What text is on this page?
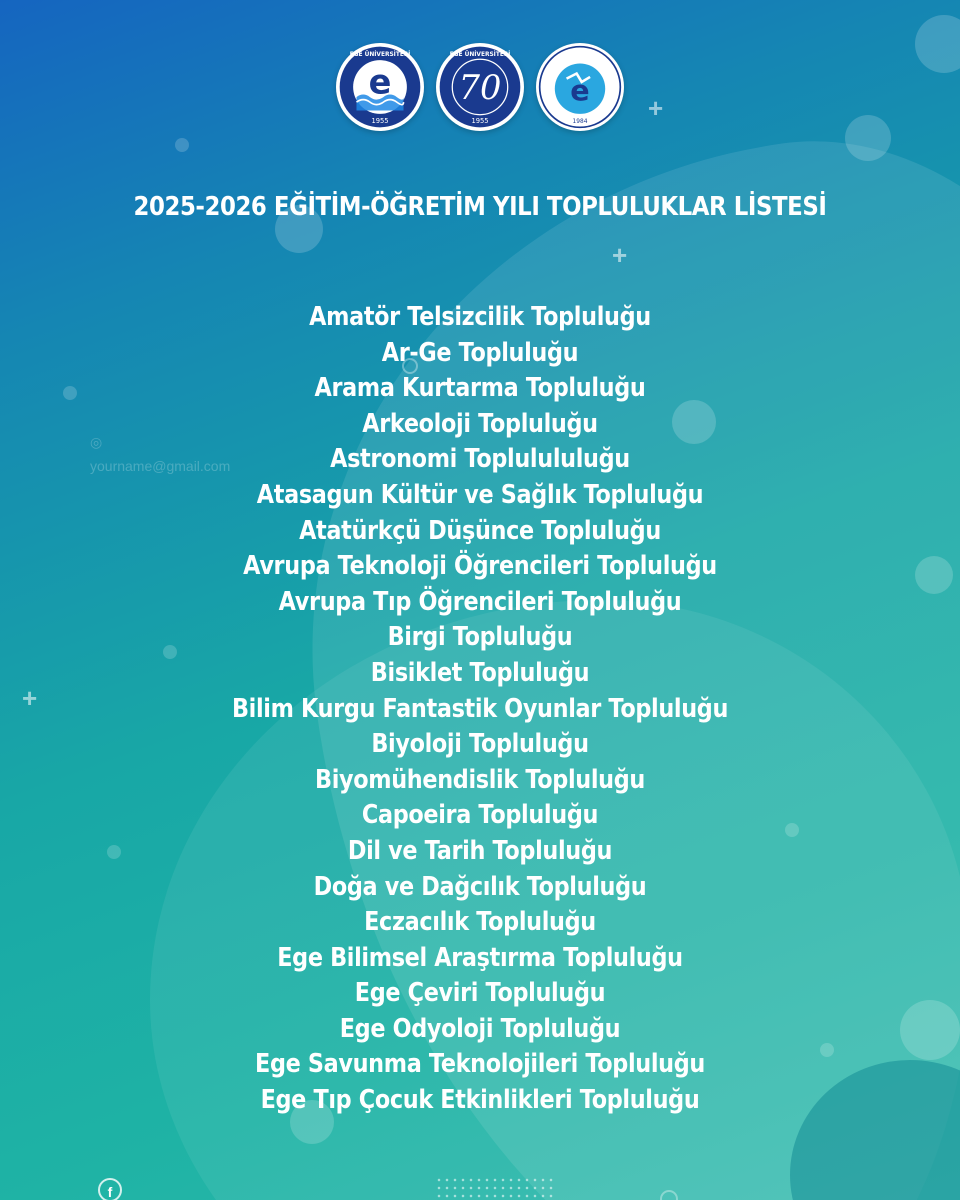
+
+
+
◎
yourname@gmail.com
e
1955
EGE ÜNİVERSİTESİ
70
1955
EGE ÜNİVERSİTESİ
e
1984
2025-2026 EĞİTİM-ÖĞRETİM YILI TOPLULUKLAR LİSTESİ
Amatör Telsizcilik Topluluğu
Ar-Ge Topluluğu
Arama Kurtarma Topluluğu
Arkeoloji Topluluğu
Astronomi Toplulululuğu
Atasagun Kültür ve Sağlık Topluluğu
Atatürkçü Düşünce Topluluğu
Avrupa Teknoloji Öğrencileri Topluluğu
Avrupa Tıp Öğrencileri Topluluğu
Birgi Topluluğu
Bisiklet Topluluğu
Bilim Kurgu Fantastik Oyunlar Topluluğu
Biyoloji Topluluğu
Biyomühendislik Topluluğu
Capoeira Topluluğu
Dil ve Tarih Topluluğu
Doğa ve Dağcılık Topluluğu
Eczacılık Topluluğu
Ege Bilimsel Araştırma Topluluğu
Ege Çeviri Topluluğu
Ege Odyoloji Topluluğu
Ege Savunma Teknolojileri Topluluğu
Ege Tıp Çocuk Etkinlikleri Topluluğu
f
